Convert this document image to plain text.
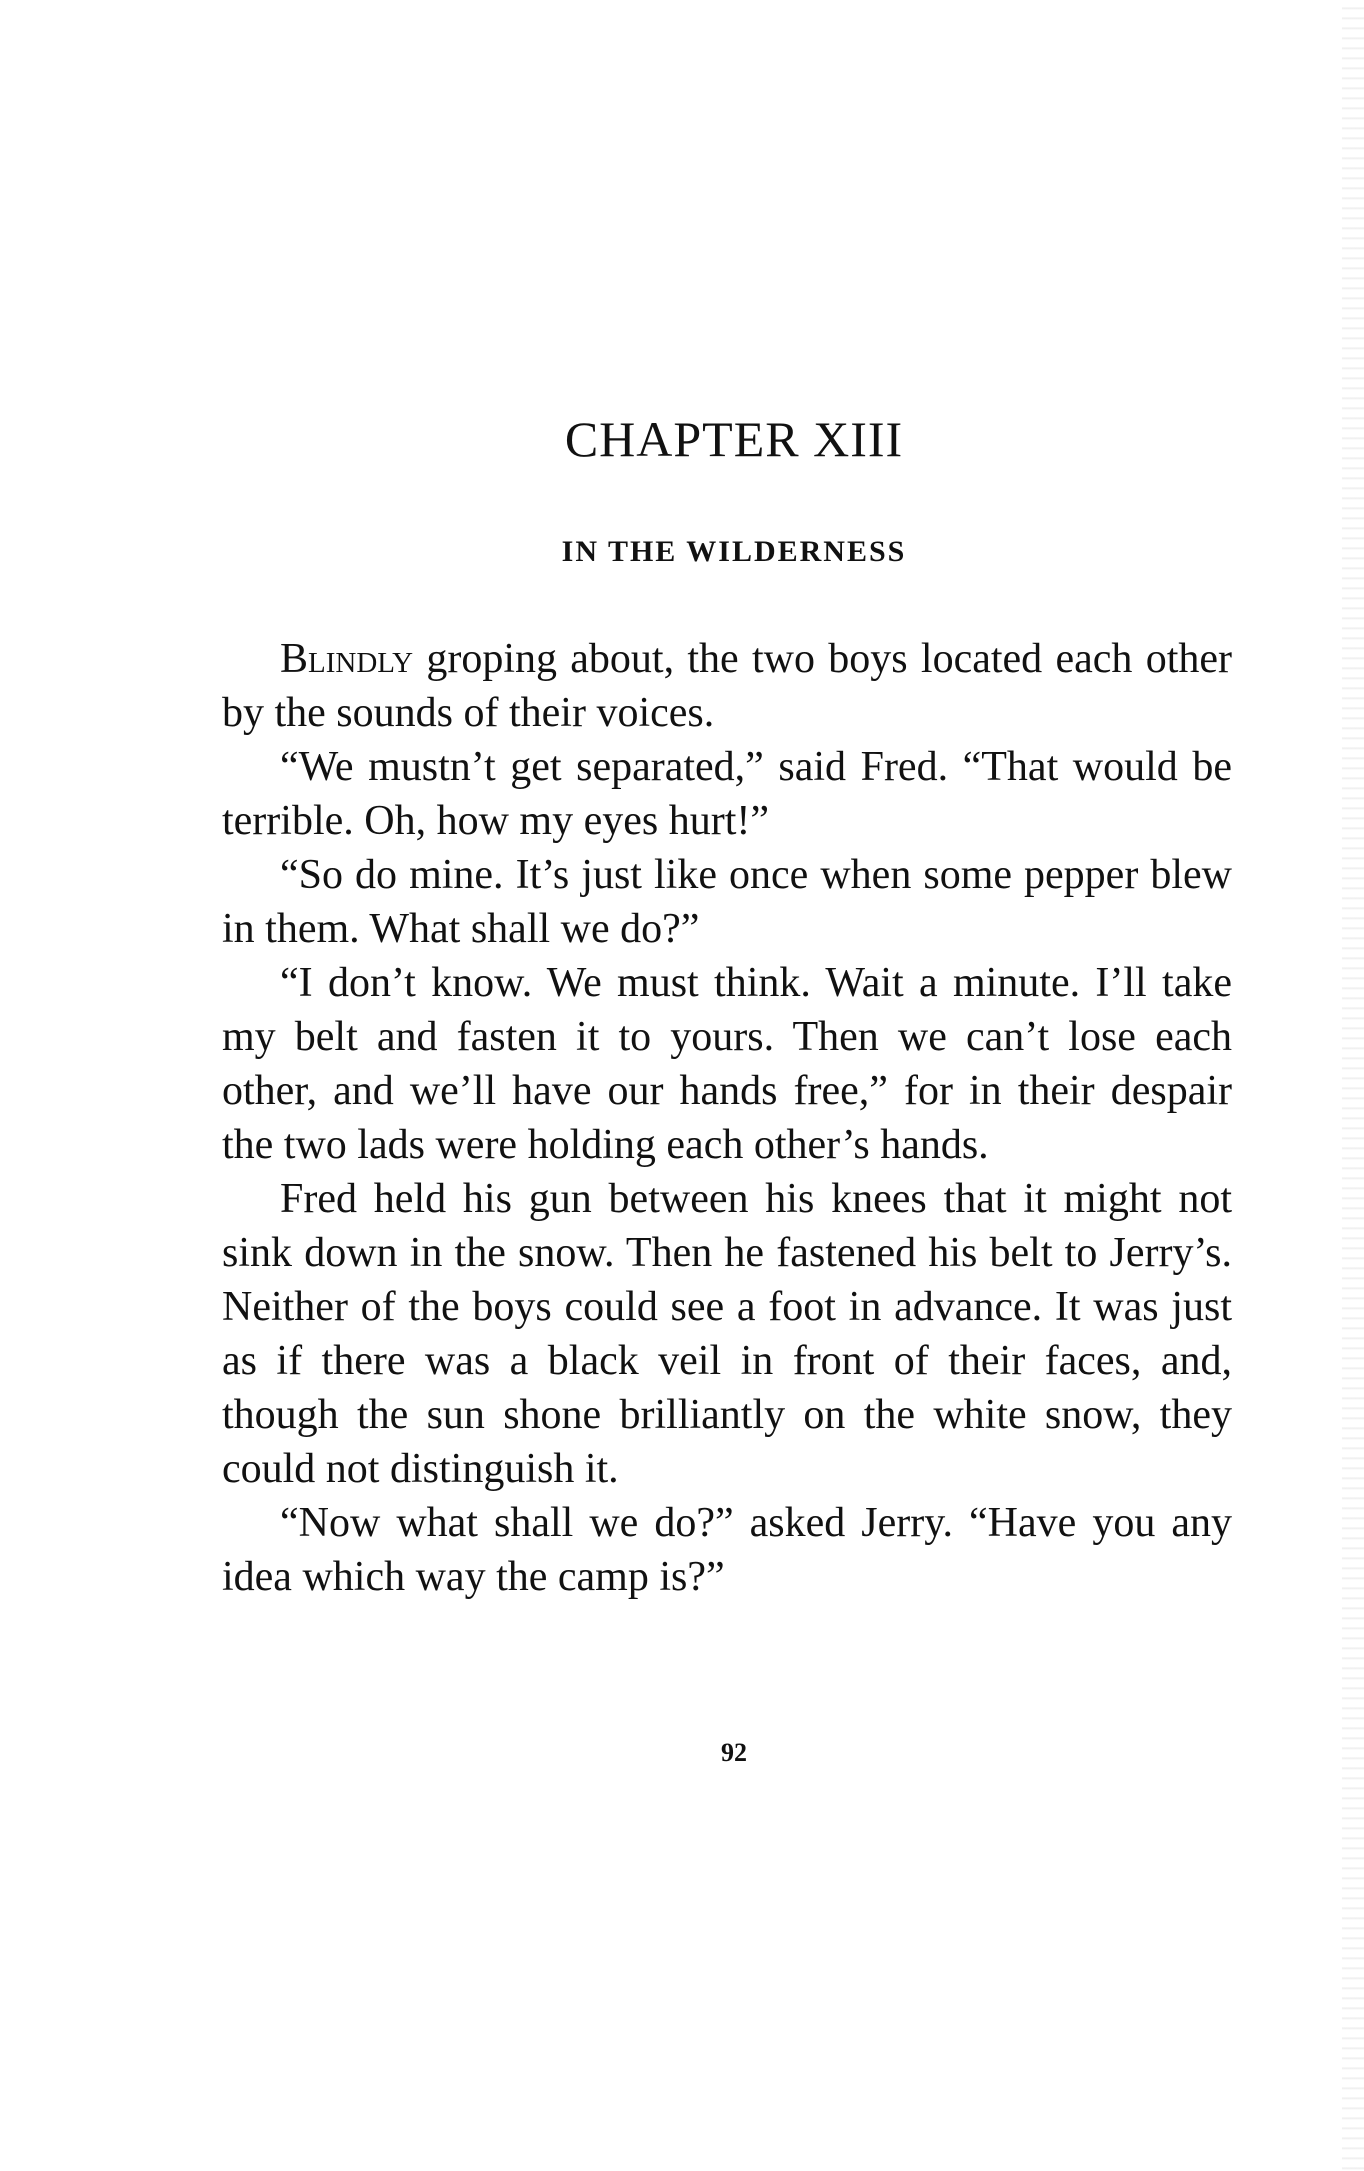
CHAPTER XIII
IN THE WILDERNESS

Blindly groping about, the two boys located each other by the sounds of their voices.

“We mustn’t get separated,” said Fred. “That would be terrible. Oh, how my eyes hurt!”

“So do mine. It’s just like once when some pepper blew in them. What shall we do?”

“I don’t know. We must think. Wait a minute. I’ll take my belt and fasten it to yours. Then we can’t lose each other, and we’ll have our hands free,” for in their despair the two lads were holding each other’s hands.

Fred held his gun between his knees that it might not sink down in the snow. Then he fastened his belt to Jerry’s. Neither of the boys could see a foot in advance. It was just as if there was a black veil in front of their faces, and, though the sun shone brilliantly on the white snow, they could not distinguish it.

“Now what shall we do?” asked Jerry. “Have you any idea which way the camp is?”

92
